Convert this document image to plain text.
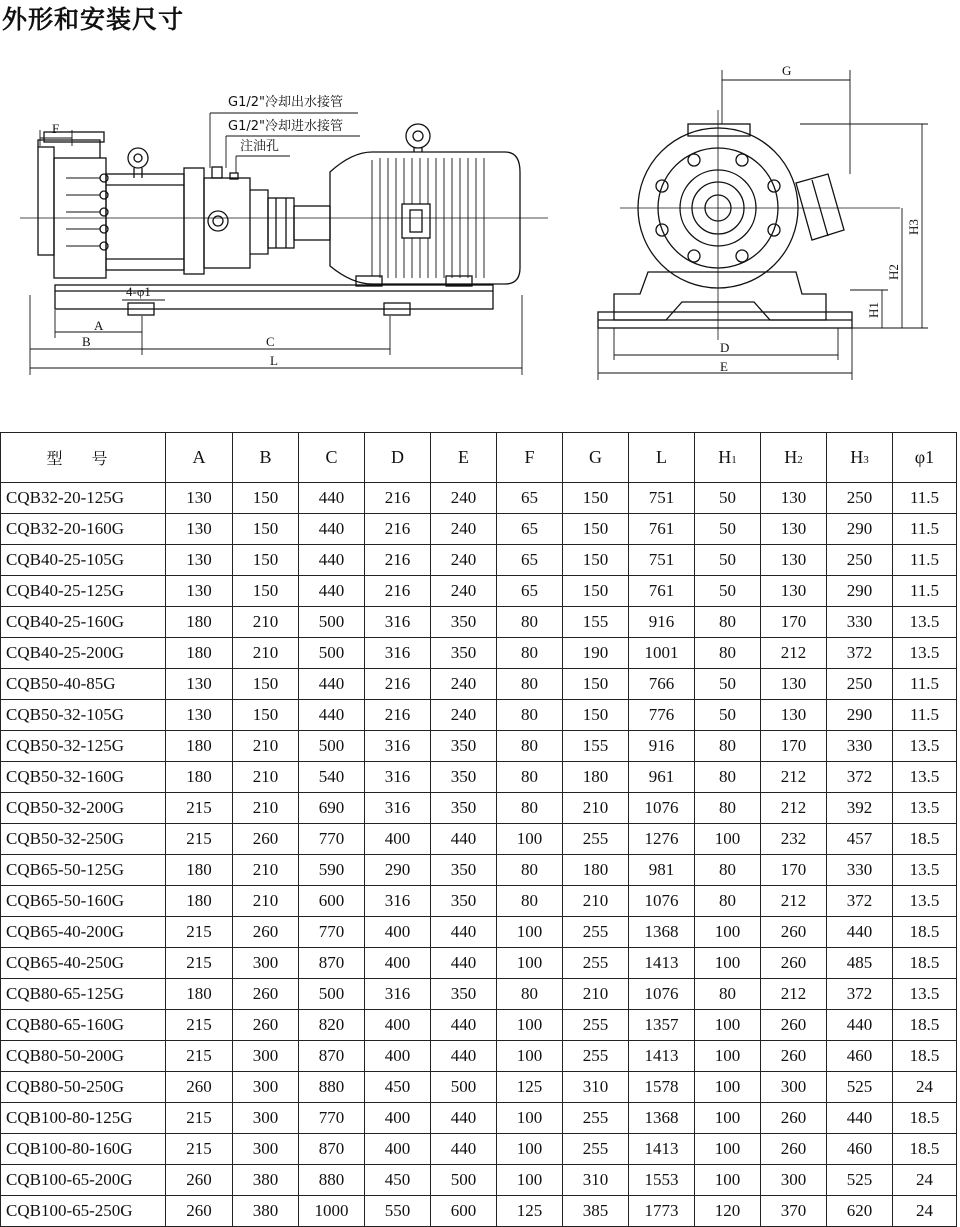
外形和安装尺寸
G1/2"冷却出水接管
G1/2"冷却进水接管
注油孔
4-φ1
F
A
B	C
L
G
D
E
H1
H2
H3
型 号	A	B	C	D	E	F	G	L	H1	H2	H3	φ1
CQB32-20-125G	130	150	440	216	240	65	150	751	50	130	250	11.5
CQB32-20-160G	130	150	440	216	240	65	150	761	50	130	290	11.5
CQB40-25-105G	130	150	440	216	240	65	150	751	50	130	250	11.5
CQB40-25-125G	130	150	440	216	240	65	150	761	50	130	290	11.5
CQB40-25-160G	180	210	500	316	350	80	155	916	80	170	330	13.5
CQB40-25-200G	180	210	500	316	350	80	190	1001	80	212	372	13.5
CQB50-40-85G	130	150	440	216	240	80	150	766	50	130	250	11.5
CQB50-32-105G	130	150	440	216	240	80	150	776	50	130	290	11.5
CQB50-32-125G	180	210	500	316	350	80	155	916	80	170	330	13.5
CQB50-32-160G	180	210	540	316	350	80	180	961	80	212	372	13.5
CQB50-32-200G	215	210	690	316	350	80	210	1076	80	212	392	13.5
CQB50-32-250G	215	260	770	400	440	100	255	1276	100	232	457	18.5
CQB65-50-125G	180	210	590	290	350	80	180	981	80	170	330	13.5
CQB65-50-160G	180	210	600	316	350	80	210	1076	80	212	372	13.5
CQB65-40-200G	215	260	770	400	440	100	255	1368	100	260	440	18.5
CQB65-40-250G	215	300	870	400	440	100	255	1413	100	260	485	18.5
CQB80-65-125G	180	260	500	316	350	80	210	1076	80	212	372	13.5
CQB80-65-160G	215	260	820	400	440	100	255	1357	100	260	440	18.5
CQB80-50-200G	215	300	870	400	440	100	255	1413	100	260	460	18.5
CQB80-50-250G	260	300	880	450	500	125	310	1578	100	300	525	24
CQB100-80-125G	215	300	770	400	440	100	255	1368	100	260	440	18.5
CQB100-80-160G	215	300	870	400	440	100	255	1413	100	260	460	18.5
CQB100-65-200G	260	380	880	450	500	100	310	1553	100	300	525	24
CQB100-65-250G	260	380	1000	550	600	125	385	1773	120	370	620	24
